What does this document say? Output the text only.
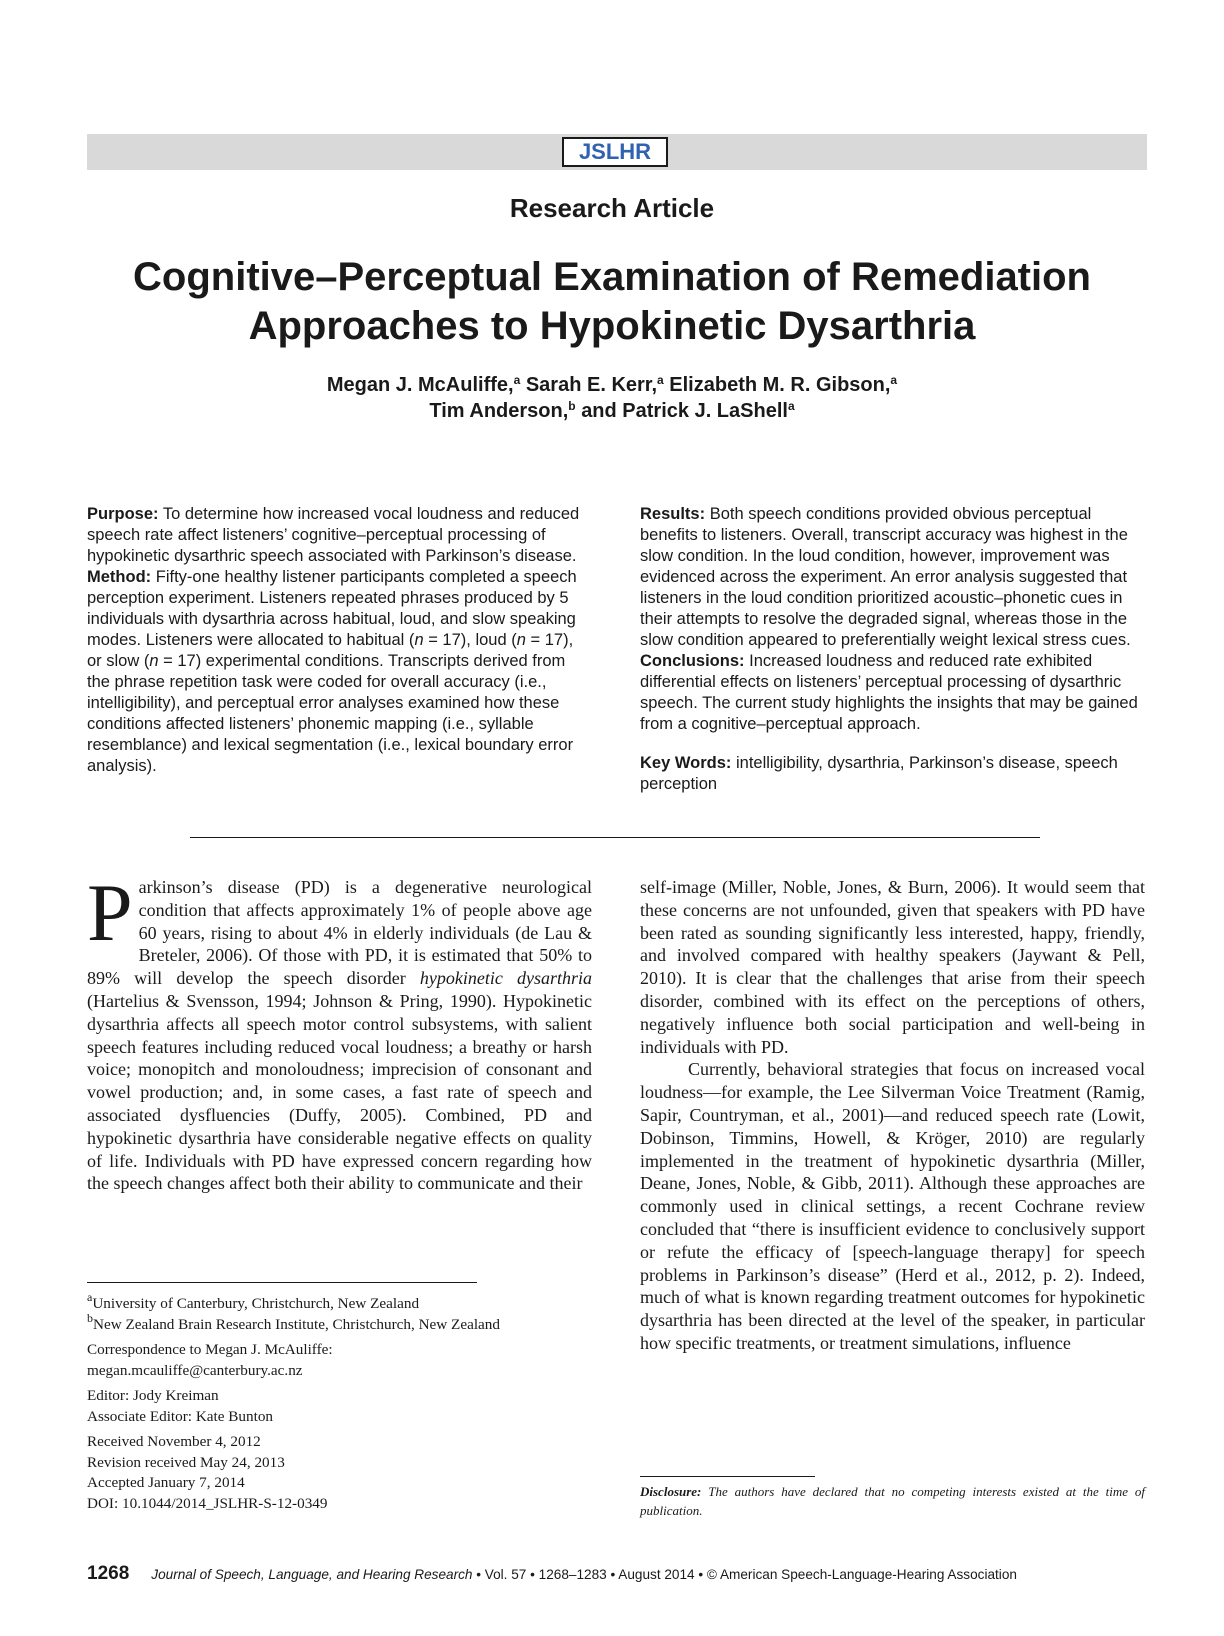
JSLHR
Research Article
Cognitive–Perceptual Examination of Remediation
Approaches to Hypokinetic Dysarthria
Megan J. McAuliffe,$^a$ Sarah E. Kerr,$^a$ Elizabeth M. R. Gibson,$^a$
Tim Anderson,$^b$ and Patrick J. LaShell$^a$

Purpose: To determine how increased vocal loudness and reduced speech rate affect listeners’ cognitive–perceptual processing of hypokinetic dysarthric speech associated with Parkinson’s disease.

Method: Fifty-one healthy listener participants completed a speech perception experiment. Listeners repeated phrases produced by 5 individuals with dysarthria across habitual, loud, and slow speaking modes. Listeners were allocated to habitual (n = 17), loud (n = 17), or slow (n = 17) experimental conditions. Transcripts derived from the phrase repetition task were coded for overall accuracy (i.e., intelligibility), and perceptual error analyses examined how these conditions affected listeners’ phonemic mapping (i.e., syllable resemblance) and lexical segmentation (i.e., lexical boundary error analysis).

Results: Both speech conditions provided obvious perceptual benefits to listeners. Overall, transcript accuracy was highest in the slow condition. In the loud condition, however, improvement was evidenced across the experiment. An error analysis suggested that listeners in the loud condition prioritized acoustic–phonetic cues in their attempts to resolve the degraded signal, whereas those in the slow condition appeared to preferentially weight lexical stress cues.

Conclusions: Increased loudness and reduced rate exhibited differential effects on listeners’ perceptual processing of dysarthric speech. The current study highlights the insights that may be gained from a cognitive–perceptual approach.

Key Words: intelligibility, dysarthria, Parkinson’s disease, speech perception

Parkinson’s disease (PD) is a degenerative neurological condition that affects approximately 1% of people above age 60 years, rising to about 4% in elderly individuals (de Lau & Breteler, 2006). Of those with PD, it is estimated that 50% to 89% will develop the speech disorder hypokinetic dysarthria (Hartelius & Svensson, 1994; Johnson & Pring, 1990). Hypokinetic dysarthria affects all speech motor control subsystems, with salient speech features including reduced vocal loudness; a breathy or harsh voice; monopitch and monoloudness; imprecision of consonant and vowel production; and, in some cases, a fast rate of speech and associated dysfluencies (Duffy, 2005). Combined, PD and hypokinetic dysarthria have considerable negative effects on quality of life. Individuals with PD have expressed concern regarding how the speech changes affect both their ability to communicate and their

self-image (Miller, Noble, Jones, & Burn, 2006). It would seem that these concerns are not unfounded, given that speakers with PD have been rated as sounding significantly less interested, happy, friendly, and involved compared with healthy speakers (Jaywant & Pell, 2010). It is clear that the challenges that arise from their speech disorder, combined with its effect on the perceptions of others, negatively influence both social participation and well-being in individuals with PD.

Currently, behavioral strategies that focus on increased vocal loudness—for example, the Lee Silverman Voice Treatment (Ramig, Sapir, Countryman, et al., 2001)—and reduced speech rate (Lowit, Dobinson, Timmins, Howell, & Kröger, 2010) are regularly implemented in the treatment of hypokinetic dysarthria (Miller, Deane, Jones, Noble, & Gibb, 2011). Although these approaches are commonly used in clinical settings, a recent Cochrane review concluded that “there is insufficient evidence to conclusively support or refute the efficacy of [speech-language therapy] for speech problems in Parkinson’s disease” (Herd et al., 2012, p. 2). Indeed, much of what is known regarding treatment outcomes for hypokinetic dysarthria has been directed at the level of the speaker, in particular how specific treatments, or treatment simulations, influence

$^a$University of Canterbury, Christchurch, New Zealand
$^b$New Zealand Brain Research Institute, Christchurch, New Zealand
Correspondence to Megan J. McAuliffe:
megan.mcauliffe@canterbury.ac.nz
Editor: Jody Kreiman
Associate Editor: Kate Bunton
Received November 4, 2012
Revision received May 24, 2013
Accepted January 7, 2014
DOI: 10.1044/2014_JSLHR-S-12-0349
Disclosure: The authors have declared that no competing interests existed at the time of publication.
1268 Journal of Speech, Language, and Hearing Research • Vol. 57 • 1268–1283 • August 2014 • © American Speech-Language-Hearing Association
